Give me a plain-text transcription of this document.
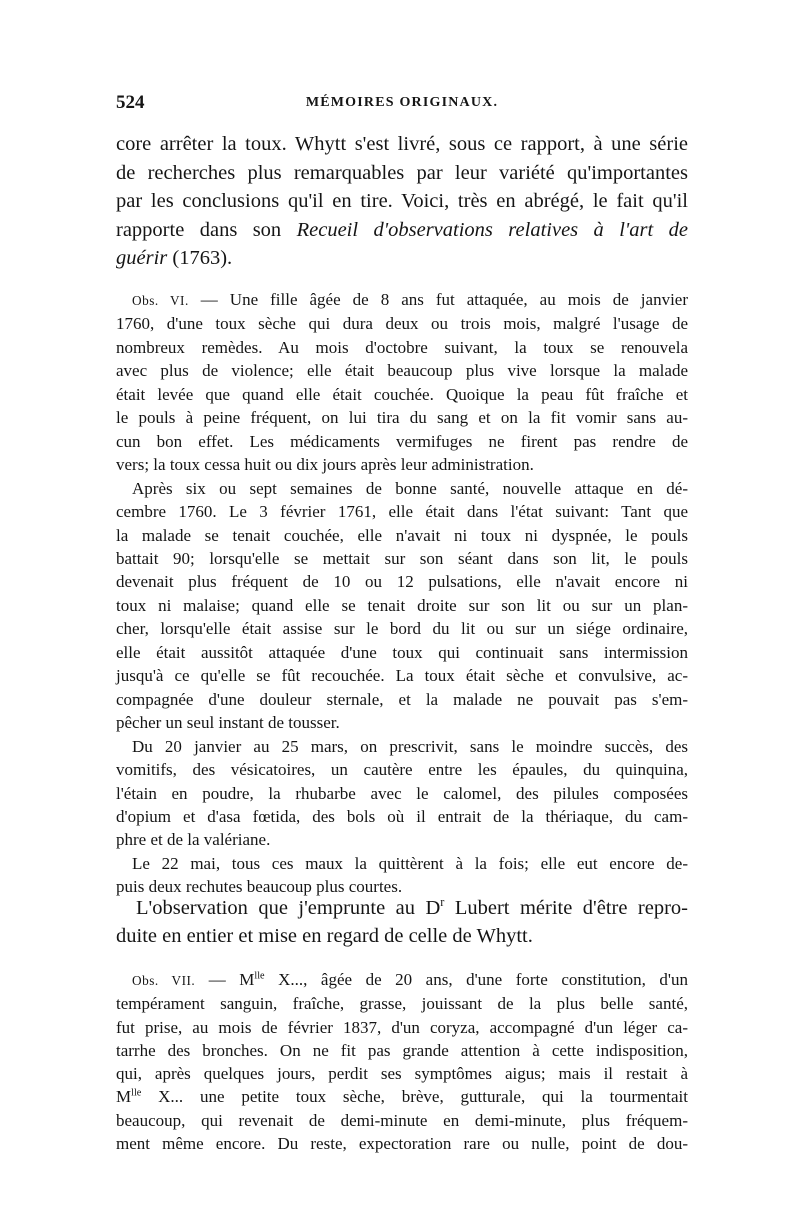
524	MÉMOIRES ORIGINAUX.
core arrêter la toux. Whytt s'est livré, sous ce rapport, à une série
de recherches plus remarquables par leur variété qu'importantes
par les conclusions qu'il en tire. Voici, très en abrégé, le fait qu'il
rapporte dans son Recueil d'observations relatives à l'art de
guérir (1763).
Obs. VI. — Une fille âgée de 8 ans fut attaquée, au mois de janvier
1760, d'une toux sèche qui dura deux ou trois mois, malgré l'usage de
nombreux remèdes. Au mois d'octobre suivant, la toux se renouvela
avec plus de violence; elle était beaucoup plus vive lorsque la malade
était levée que quand elle était couchée. Quoique la peau fût fraîche et
le pouls à peine fréquent, on lui tira du sang et on la fit vomir sans au-
cun bon effet. Les médicaments vermifuges ne firent pas rendre de
vers; la toux cessa huit ou dix jours après leur administration.
Après six ou sept semaines de bonne santé, nouvelle attaque en dé-
cembre 1760. Le 3 février 1761, elle était dans l'état suivant: Tant que
la malade se tenait couchée, elle n'avait ni toux ni dyspnée, le pouls
battait 90; lorsqu'elle se mettait sur son séant dans son lit, le pouls
devenait plus fréquent de 10 ou 12 pulsations, elle n'avait encore ni
toux ni malaise; quand elle se tenait droite sur son lit ou sur un plan-
cher, lorsqu'elle était assise sur le bord du lit ou sur un siége ordinaire,
elle était aussitôt attaquée d'une toux qui continuait sans intermission
jusqu'à ce qu'elle se fût recouchée. La toux était sèche et convulsive, ac-
compagnée d'une douleur sternale, et la malade ne pouvait pas s'em-
pêcher un seul instant de tousser.
Du 20 janvier au 25 mars, on prescrivit, sans le moindre succès, des
vomitifs, des vésicatoires, un cautère entre les épaules, du quinquina,
l'étain en poudre, la rhubarbe avec le calomel, des pilules composées
d'opium et d'asa fœtida, des bols où il entrait de la thériaque, du cam-
phre et de la valériane.
Le 22 mai, tous ces maux la quittèrent à la fois; elle eut encore de-
puis deux rechutes beaucoup plus courtes.
L'observation que j'emprunte au $D^r$ Lubert mérite d'être repro-
duite en entier et mise en regard de celle de Whytt.
Obs. VII. — $M^{lle}$ X..., âgée de 20 ans, d'une forte constitution, d'un
tempérament sanguin, fraîche, grasse, jouissant de la plus belle santé,
fut prise, au mois de février 1837, d'un coryza, accompagné d'un léger ca-
tarrhe des bronches. On ne fit pas grande attention à cette indisposition,
qui, après quelques jours, perdit ses symptômes aigus; mais il restait à
$M^{lle}$ X... une petite toux sèche, brève, gutturale, qui la tourmentait
beaucoup, qui revenait de demi-minute en demi-minute, plus fréquem-
ment même encore. Du reste, expectoration rare ou nulle, point de dou-
